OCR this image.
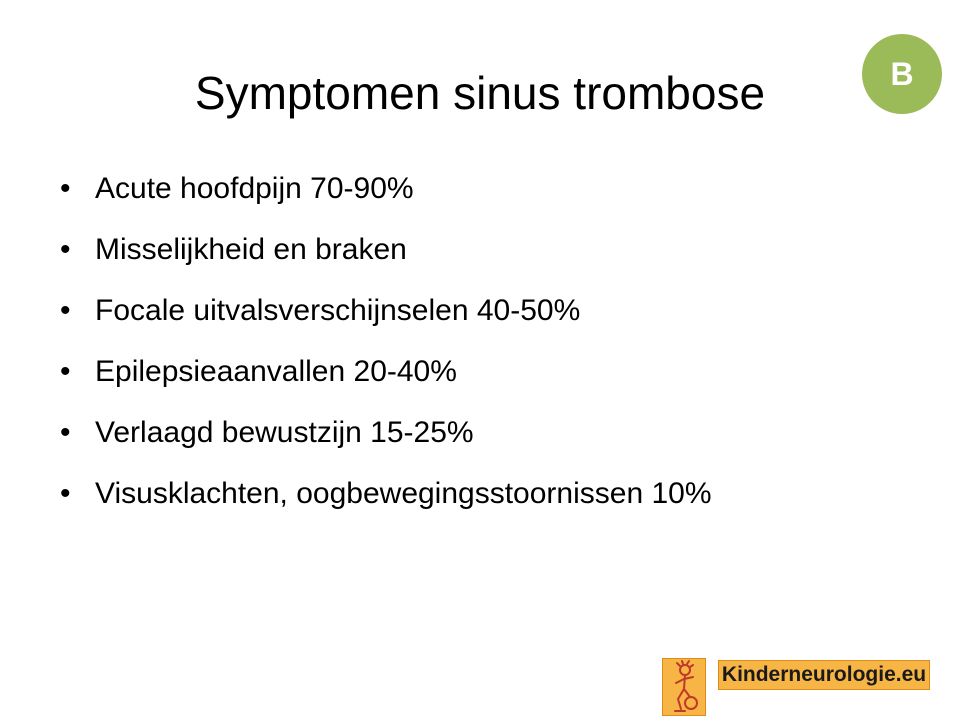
Symptomen sinus trombose	B
• Acute hoofdpijn 70-90%
• Misselijkheid en braken
• Focale uitvalsverschijnselen 40-50%
• Epilepsieaanvallen 20-40%
• Verlaagd bewustzijn 15-25%
• Visusklachten, oogbewegingsstoornissen 10%
Kinderneurologie.eu
